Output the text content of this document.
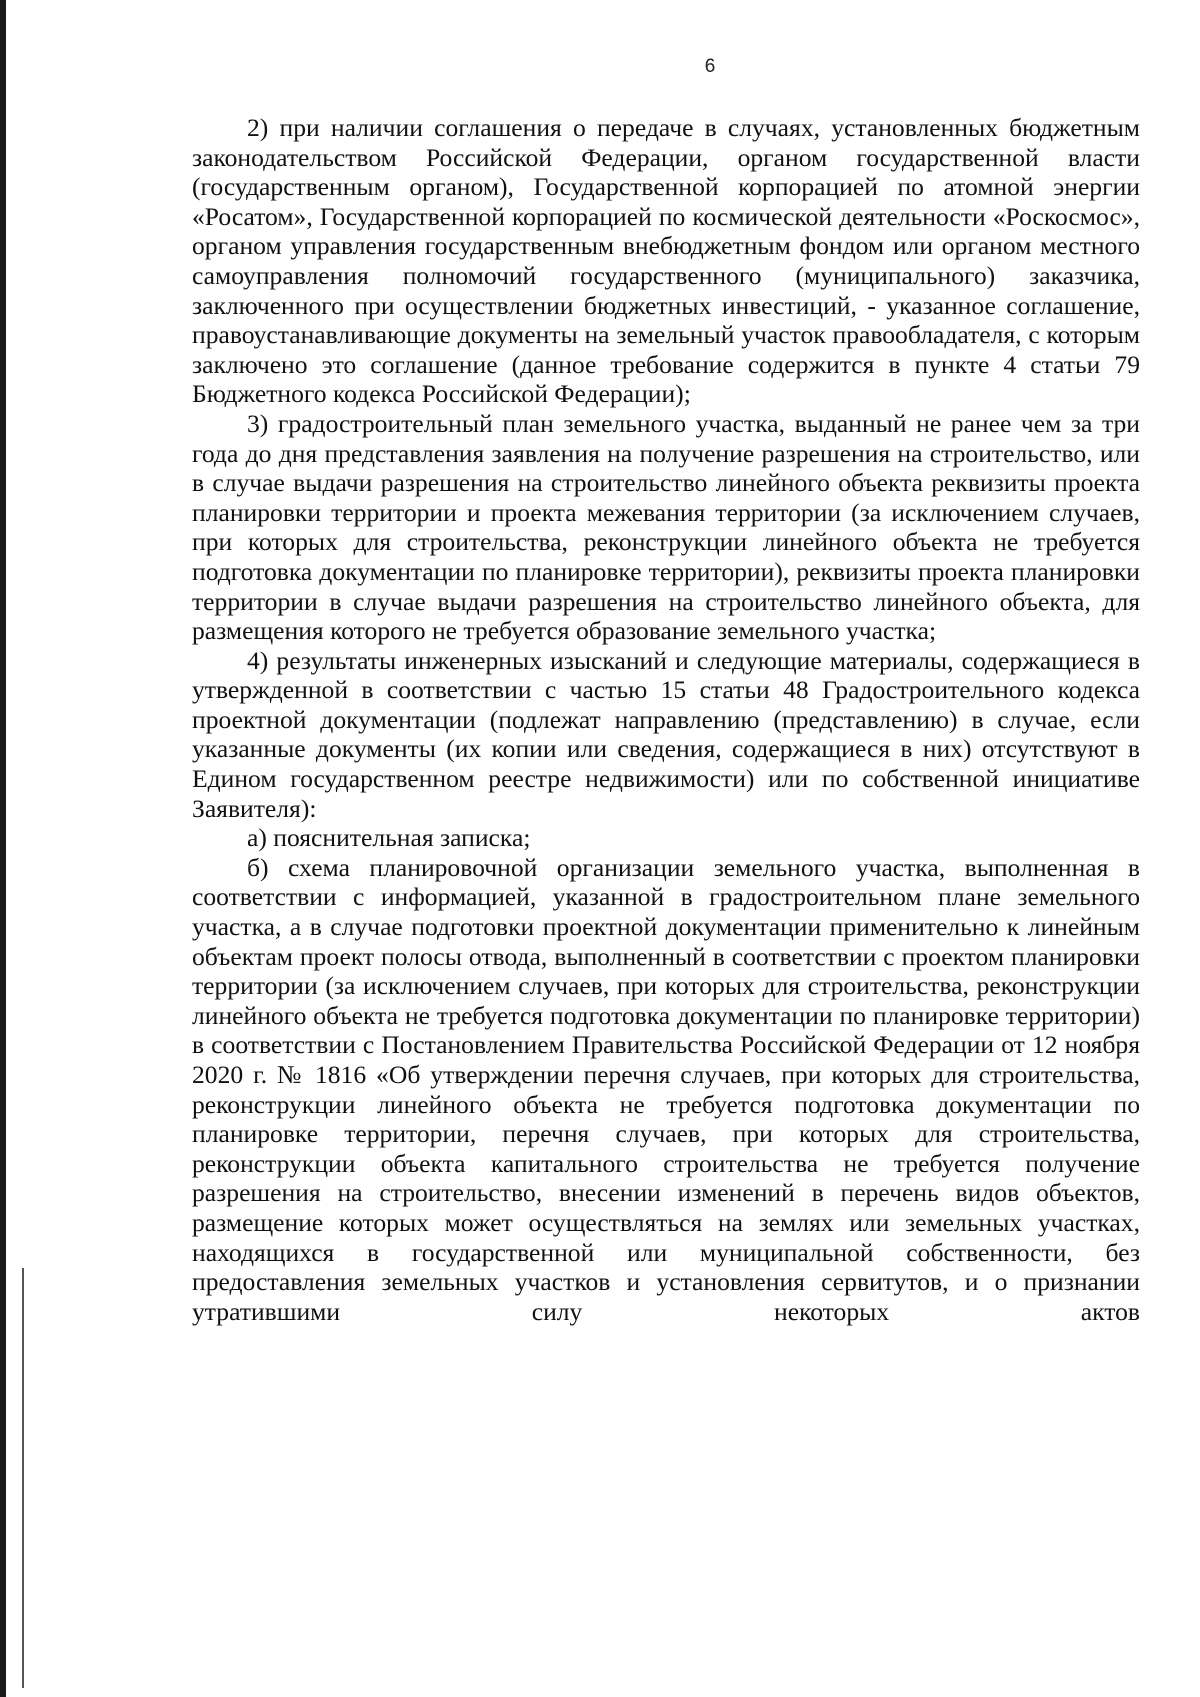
6

2) при наличии соглашения о передаче в случаях, установленных бюджетным законодательством Российской Федерации, органом государственной власти (государственным органом), Государственной корпорацией по атомной энергии «Росатом», Государственной корпорацией по космической деятельности «Роскосмос», органом управления государственным внебюджетным фондом или органом местного самоуправления полномочий государственного (муниципального) заказчика, заключенного при осуществлении бюджетных инвестиций, - указанное соглашение, правоустанавливающие документы на земельный участок правообладателя, с которым заключено это соглашение (данное требование содержится в пункте 4 статьи 79 Бюджетного кодекса Российской Федерации);

3) градостроительный план земельного участка, выданный не ранее чем за три года до дня представления заявления на получение разрешения на строительство, или в случае выдачи разрешения на строительство линейного объекта реквизиты проекта планировки территории и проекта межевания территории (за исключением случаев, при которых для строительства, реконструкции линейного объекта не требуется подготовка документации по планировке территории), реквизиты проекта планировки территории в случае выдачи разрешения на строительство линейного объекта, для размещения которого не требуется образование земельного участка;

4) результаты инженерных изысканий и следующие материалы, содержащиеся в утвержденной в соответствии с частью 15 статьи 48 Градостроительного кодекса проектной документации (подлежат направлению (представлению) в случае, если указанные документы (их копии или сведения, содержащиеся в них) отсутствуют в Едином государственном реестре недвижимости) или по собственной инициативе Заявителя):

а) пояснительная записка;

б) схема планировочной организации земельного участка, выполненная в соответствии с информацией, указанной в градостроительном плане земельного участка, а в случае подготовки проектной документации применительно к линейным объектам проект полосы отвода, выполненный в соответствии с проектом планировки территории (за исключением случаев, при которых для строительства, реконструкции линейного объекта не требуется подготовка документации по планировке территории) в соответствии с Постановлением Правительства Российской Федерации от 12 ноября 2020 г. № 1816 «Об утверждении перечня случаев, при которых для строительства, реконструкции линейного объекта не требуется подготовка документации по планировке территории, перечня случаев, при которых для строительства, реконструкции объекта капитального строительства не требуется получение разрешения на строительство, внесении изменений в перечень видов объектов, размещение которых может осуществляться на землях или земельных участках, находящихся в государственной или муниципальной собственности, без предоставления земельных участков и установления сервитутов, и о признании утратившими силу некоторых актов
